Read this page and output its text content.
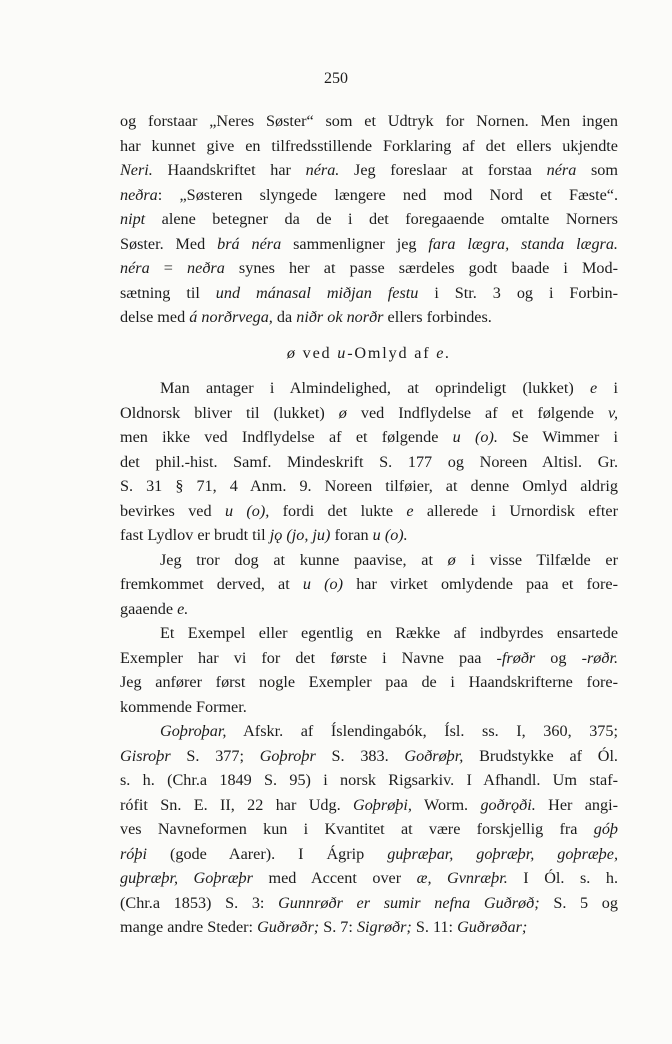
250
og forstaar „Neres Søster“ som et Udtryk for Nornen. Men ingen
har kunnet give en tilfredsstillende Forklaring af det ellers ukjendte
Neri. Haandskriftet har néra. Jeg foreslaar at forstaa néra som
neðra: „Søsteren slyngede længere ned mod Nord et Fæste“.
nipt alene betegner da de i det foregaaende omtalte Norners
Søster. Med brá néra sammenligner jeg fara lægra, standa lægra.
néra = neðra synes her at passe særdeles godt baade i Mod-
sætning til und mánasal miðjan festu i Str. 3 og i Forbin-
delse med á norðrvega, da niðr ok norðr ellers forbindes.
ø ved u-Omlyd af e.
Man antager i Almindelighed, at oprindeligt (lukket) e i
Oldnorsk bliver til (lukket) ø ved Indflydelse af et følgende v,
men ikke ved Indflydelse af et følgende u (o). Se Wimmer i
det phil.-hist. Samf. Mindeskrift S. 177 og Noreen Altisl. Gr.
S. 31 § 71, 4 Anm. 9. Noreen tilføier, at denne Omlyd aldrig
bevirkes ved u (o), fordi det lukte e allerede i Urnordisk efter
fast Lydlov er brudt til jǫ (jo, ju) foran u (o).
Jeg tror dog at kunne paavise, at ø i visse Tilfælde er
fremkommet derved, at u (o) har virket omlydende paa et fore-
gaaende e.
Et Exempel eller egentlig en Række af indbyrdes ensartede
Exempler har vi for det første i Navne paa -frøðr og -røðr.
Jeg anfører først nogle Exempler paa de i Haandskrifterne fore-
kommende Former.
Goþroþar, Afskr. af Íslendingabók, Ísl. ss. I, 360, 375;
Gisroþr S. 377; Goþroþr S. 383. Goðrøþr, Brudstykke af Ól.
s. h. (Chr.a 1849 S. 95) i norsk Rigsarkiv. I Afhandl. Um staf-
rófit Sn. E. II, 22 har Udg. Goþrøþi, Worm. goðrǫði. Her angi-
ves Navneformen kun i Kvantitet at være forskjellig fra góþ
róþi (gode Aarer). I Ágrip guþræþar, goþræþr, goþræþe,
guþræþr, Goþræþr med Accent over æ, Gvnræþr. I Ól. s. h.
(Chr.a 1853) S. 3: Gunnrøðr er sumir nefna Guðrøð; S. 5 og
mange andre Steder: Guðrøðr; S. 7: Sigrøðr; S. 11: Guðrøðar;
